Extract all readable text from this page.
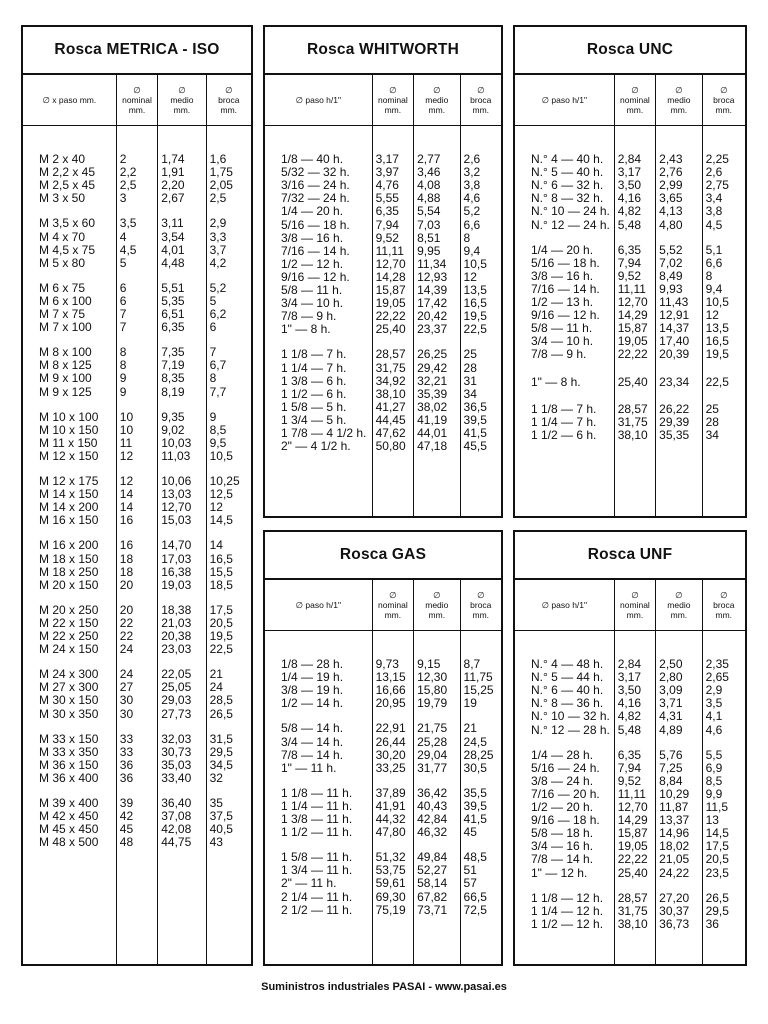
Rosca METRICA - ISO
∅ x paso mm.
∅
nominal
mm.
∅
medio
mm.
∅
broca
mm.
M 2 x 40
M 2,2 x 45
M 2,5 x 45
M 3 x 50
M 3,5 x 60
M 4 x 70
M 4,5 x 75
M 5 x 80
M 6 x 75
M 6 x 100
M 7 x 75
M 7 x 100
M 8 x 100
M 8 x 125
M 9 x 100
M 9 x 125
M 10 x 100
M 10 x 150
M 11 x 150
M 12 x 150
M 12 x 175
M 14 x 150
M 14 x 200
M 16 x 150
M 16 x 200
M 18 x 150
M 18 x 250
M 20 x 150
M 20 x 250
M 22 x 150
M 22 x 250
M 24 x 150
M 24 x 300
M 27 x 300
M 30 x 150
M 30 x 350
M 33 x 150
M 33 x 350
M 36 x 150
M 36 x 400
M 39 x 400
M 42 x 450
M 45 x 450
M 48 x 500
2
2,2
2,5
3
3,5
4
4,5
5
6
6
7
7
8
8
9
9
10
10
11
12
12
14
14
16
16
18
18
20
20
22
22
24
24
27
30
30
33
33
36
36
39
42
45
48
1,74
1,91
2,20
2,67
3,11
3,54
4,01
4,48
5,51
5,35
6,51
6,35
7,35
7,19
8,35
8,19
9,35
9,02
10,03
11,03
10,06
13,03
12,70
15,03
14,70
17,03
16,38
19,03
18,38
21,03
20,38
23,03
22,05
25,05
29,03
27,73
32,03
30,73
35,03
33,40
36,40
37,08
42,08
44,75
1,6
1,75
2,05
2,5
2,9
3,3
3,7
4,2
5,2
5
6,2
6
7
6,7
8
7,7
9
8,5
9,5
10,5
10,25
12,5
12
14,5
14
16,5
15,5
18,5
17,5
20,5
19,5
22,5
21
24
28,5
26,5
31,5
29,5
34,5
32
35
37,5
40,5
43
Rosca WHITWORTH
∅ paso h/1"
∅
nominal
mm.
∅
medio
mm.
∅
broca
mm.
1/8 — 40 h.
5/32 — 32 h.
3/16 — 24 h.
7/32 — 24 h.
1/4 — 20 h.
5/16 — 18 h.
3/8 — 16 h.
7/16 — 14 h.
1/2 — 12 h.
9/16 — 12 h.
5/8 — 11 h.
3/4 — 10 h.
7/8 — 9 h.
1" — 8 h.
1 1/8 — 7 h.
1 1/4 — 7 h.
1 3/8 — 6 h.
1 1/2 — 6 h.
1 5/8 — 5 h.
1 3/4 — 5 h.
1 7/8 — 4 1/2 h.
2" — 4 1/2 h.
3,17
3,97
4,76
5,55
6,35
7,94
9,52
11,11
12,70
14,28
15,87
19,05
22,22
25,40
28,57
31,75
34,92
38,10
41,27
44,45
47,62
50,80
2,77
3,46
4,08
4,88
5,54
7,03
8,51
9,95
11,34
12,93
14,39
17,42
20,42
23,37
26,25
29,42
32,21
35,39
38,02
41,19
44,01
47,18
2,6
3,2
3,8
4,6
5,2
6,6
8
9,4
10,5
12
13,5
16,5
19,5
22,5
25
28
31
34
36,5
39,5
41,5
45,5
Rosca UNC
∅ paso h/1"
∅
nominal
mm.
∅
medio
mm.
∅
broca
mm.
N.° 4 — 40 h.
N.° 5 — 40 h.
N.° 6 — 32 h.
N.° 8 — 32 h.
N.° 10 — 24 h.
N.° 12 — 24 h.
1/4 — 20 h.
5/16 — 18 h.
3/8 — 16 h.
7/16 — 14 h.
1/2 — 13 h.
9/16 — 12 h.
5/8 — 11 h.
3/4 — 10 h.
7/8 — 9 h.
1" — 8 h.
1 1/8 — 7 h.
1 1/4 — 7 h.
1 1/2 — 6 h.
2,84
3,17
3,50
4,16
4,82
5,48
6,35
7,94
9,52
11,11
12,70
14,29
15,87
19,05
22,22
25,40
28,57
31,75
38,10
2,43
2,76
2,99
3,65
4,13
4,80
5,52
7,02
8,49
9,93
11,43
12,91
14,37
17,40
20,39
23,34
26,22
29,39
35,35
2,25
2,6
2,75
3,4
3,8
4,5
5,1
6,6
8
9,4
10,5
12
13,5
16,5
19,5
22,5
25
28
34
Rosca GAS
∅ paso h/1"
∅
nominal
mm.
∅
medio
mm.
∅
broca
mm.
1/8 — 28 h.
1/4 — 19 h.
3/8 — 19 h.
1/2 — 14 h.
5/8 — 14 h.
3/4 — 14 h.
7/8 — 14 h.
1" — 11 h.
1 1/8 — 11 h.
1 1/4 — 11 h.
1 3/8 — 11 h.
1 1/2 — 11 h.
1 5/8 — 11 h.
1 3/4 — 11 h.
2" — 11 h.
2 1/4 — 11 h.
2 1/2 — 11 h.
9,73
13,15
16,66
20,95
22,91
26,44
30,20
33,25
37,89
41,91
44,32
47,80
51,32
53,75
59,61
69,30
75,19
9,15
12,30
15,80
19,79
21,75
25,28
29,04
31,77
36,42
40,43
42,84
46,32
49,84
52,27
58,14
67,82
73,71
8,7
11,75
15,25
19
21
24,5
28,25
30,5
35,5
39,5
41,5
45
48,5
51
57
66,5
72,5
Rosca UNF
∅ paso h/1"
∅
nominal
mm.
∅
medio
mm.
∅
broca
mm.
N.° 4 — 48 h.
N.° 5 — 44 h.
N.° 6 — 40 h.
N.° 8 — 36 h.
N.° 10 — 32 h.
N.° 12 — 28 h.
1/4 — 28 h.
5/16 — 24 h.
3/8 — 24 h.
7/16 — 20 h.
1/2 — 20 h.
9/16 — 18 h.
5/8 — 18 h.
3/4 — 16 h.
7/8 — 14 h.
1" — 12 h.
1 1/8 — 12 h.
1 1/4 — 12 h.
1 1/2 — 12 h.
2,84
3,17
3,50
4,16
4,82
5,48
6,35
7,94
9,52
11,11
12,70
14,29
15,87
19,05
22,22
25,40
28,57
31,75
38,10
2,50
2,80
3,09
3,71
4,31
4,89
5,76
7,25
8,84
10,29
11,87
13,37
14,96
18,02
21,05
24,22
27,20
30,37
36,73
2,35
2,65
2,9
3,5
4,1
4,6
5,5
6,9
8,5
9,9
11,5
13
14,5
17,5
20,5
23,5
26,5
29,5
36
Suministros industriales PASAI - www.pasai.es
